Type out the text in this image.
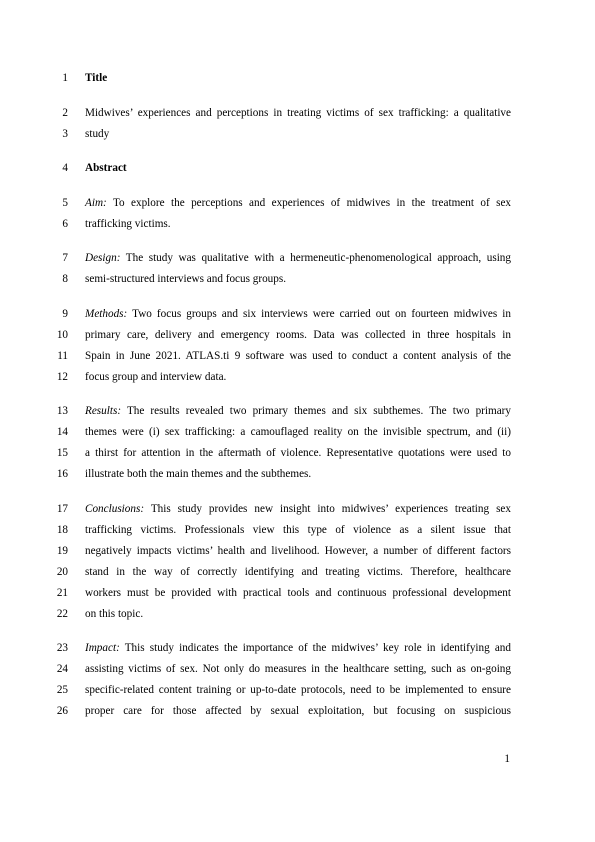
1 Title
2 Midwives’ experiences and perceptions in treating victims of sex trafficking: a qualitative
3 study
4 Abstract
5 Aim: To explore the perceptions and experiences of midwives in the treatment of sex
6 trafficking victims.
7 Design: The study was qualitative with a hermeneutic-phenomenological approach, using
8 semi-structured interviews and focus groups.
9 Methods: Two focus groups and six interviews were carried out on fourteen midwives in
10 primary care, delivery and emergency rooms. Data was collected in three hospitals in
11 Spain in June 2021. ATLAS.ti 9 software was used to conduct a content analysis of the
12 focus group and interview data.
13 Results: The results revealed two primary themes and six subthemes. The two primary
14 themes were (i) sex trafficking: a camouflaged reality on the invisible spectrum, and (ii)
15 a thirst for attention in the aftermath of violence. Representative quotations were used to
16 illustrate both the main themes and the subthemes.
17 Conclusions: This study provides new insight into midwives’ experiences treating sex
18 trafficking victims. Professionals view this type of violence as a silent issue that
19 negatively impacts victims’ health and livelihood. However, a number of different factors
20 stand in the way of correctly identifying and treating victims. Therefore, healthcare
21 workers must be provided with practical tools and continuous professional development
22 on this topic.
23 Impact: This study indicates the importance of the midwives’ key role in identifying and
24 assisting victims of sex. Not only do measures in the healthcare setting, such as on-going
25 specific-related content training or up-to-date protocols, need to be implemented to ensure
26 proper care for those affected by sexual exploitation, but focusing on suspicious
1
